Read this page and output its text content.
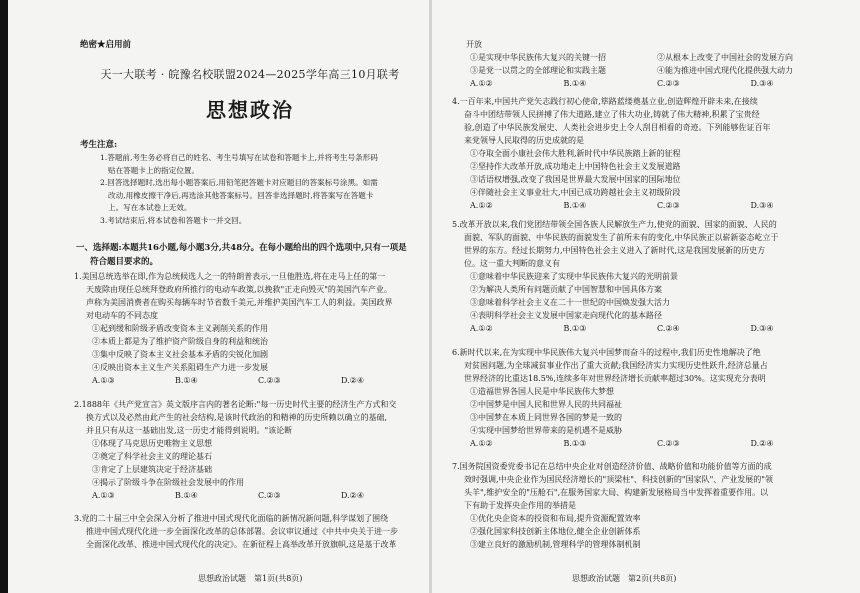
绝密★启用前
天一大联考 · 皖豫名校联盟2024—2025学年高三10月联考
思想政治
考生注意:

1.答题前,考生务必将自己的姓名、考生号填写在试卷和答题卡上,并将考生号条形码

贴在答题卡上的指定位置。

2.回答选择题时,选出每小题答案后,用铅笔把答题卡对应题目的答案标号涂黑。如需

改动,用橡皮擦干净后,再选涂其他答案标号。回答非选择题时,将答案写在答题卡

上。写在本试卷上无效。

3.考试结束后,将本试卷和答题卡一并交回。

一、选择题:本题共16小题,每小题3分,共48分。在每小题给出的四个选项中,只有一项是
符合题目要求的。

1.美国总统选举在即,作为总统候选人之一的特朗普表示,一旦他胜选,将在走马上任的第一

天废除由现任总统拜登政府所推行的电动车政策,以挽救"正走向毁灭"的美国汽车产业。

声称为美国消费者在购买每辆车时节省数千美元,并维护美国汽车工人的利益。美国政界

对电动车的不同态度

①起到缓和阶级矛盾改变资本主义剥削关系的作用

②本质上都是为了维护资产阶级自身的利益和统治

③集中反映了资本主义社会基本矛盾的尖锐化加剧

④反映出资本主义生产关系阻碍生产力进一步发展

A.①③	B.①④	C.②③	D.②④

2.1888年《共产党宣言》英文版序言内的著名论断:"每一历史时代主要的经济生产方式和交

换方式以及必然由此产生的社会结构,是该时代政治的和精神的历史所赖以确立的基础,

并且只有从这一基础出发,这一历史才能得到说明。"该论断

①体现了马克思历史唯物主义思想

②奠定了科学社会主义的理论基石

③肯定了上层建筑决定于经济基础

④揭示了阶级斗争在阶级社会发展中的作用

A.①③	B.①④	C.②③	D.②④

3.党的二十届三中全会深入分析了推进中国式现代化面临的新情况新问题,科学谋划了围绕

推进中国式现代化进一步全面深化改革的总体部署。会议审议通过《中共中央关于进一步

全面深化改革、推进中国式现代化的决定》。在新征程上高举改革开放旗帜,这是基于改革

思想政治试题　第1页(共8页)

开放

①是实现中华民族伟大复兴的关键一招	②从根本上改变了中国社会的发展方向
③是党一以贯之的全部理论和实践主题	④能为推进中国式现代化提供强大动力
A.①②	B.①④	C.②③	D.③④

4.一百年来,中国共产党矢志践行初心使命,筚路蓝缕奠基立业,创造辉煌开辟未来,在接续

奋斗中团结带领人民拼搏了伟大道路,建立了伟大功业,铸就了伟大精神,积累了宝贵经

验,创造了中华民族发展史、人类社会进步史上令人刮目相看的奇迹。下列能够佐证百年

来党领导人民取得的历史成就的是

①夺取全面小康社会伟大胜利,新时代中华民族踏上新的征程

②坚持作大改革开放,成功地走上中国特色社会主义发展道路

③话语权增强,改变了我国是世界最大发展中国家的国际地位

④伴随社会主义事业壮大,中国已成功跨越社会主义初级阶段

A.①②	B.①④	C.②③	D.③④

5.改革开放以来,我们党团结带领全国各族人民解放生产力,使党的面貌、国家的面貌、人民的

面貌、军队的面貌、中华民族的面貌发生了前所未有的变化,中华民族正以崭新姿态屹立于

世界的东方。经过长期努力,中国特色社会主义进入了新时代,这是我国发展新的历史方

位。这一重大判断的意义有

①意味着中华民族迎来了实现中华民族伟大复兴的光明前景

②为解决人类所有问题贡献了中国智慧和中国具体方案

③意味着科学社会主义在二十一世纪的中国焕发强大活力

④表明科学社会主义发展中国家走向现代化的基本路径

A.①②	B.①③	C.②④	D.③④

6.新时代以来,在为实现中华民族伟大复兴中国梦而奋斗的过程中,我们历史性地解决了绝

对贫困问题,为全球减贫事业作出了重大贡献;我国经济实力实现历史性跃升,经济总量占

世界经济的比重达18.5%,连续多年对世界经济增长贡献率超过30%。这实现充分表明

①造福世界各国人民是中华民族伟大梦想

②中国梦是中国人民和世界人民的共同福祉

③中国梦在本质上同世界各国的梦是一致的

④实现中国梦给世界带来的是机遇不是威胁

A.①②	B.①③	C.②③	D.②④

7.国务院国资委党委书记在总结中央企业对创造经济价值、战略价值和功能价值等方面的成

效时强调,中央企业作为国民经济增长的"顶梁柱"、科技创新的"国家队"、产业发展的"领

头羊",维护安全的"压舱石",在服务国家大局、构建新发展格局当中发挥着重要作用。以

下有助于发挥央企作用的举措是

①优化央企资本的投资和布局,提升资源配置效率

②强化国家科技创新主体地位,健全企业创新体系

③建立良好的激励机制,管理科学的管理体制机制

思想政治试题　第2页(共8页)
